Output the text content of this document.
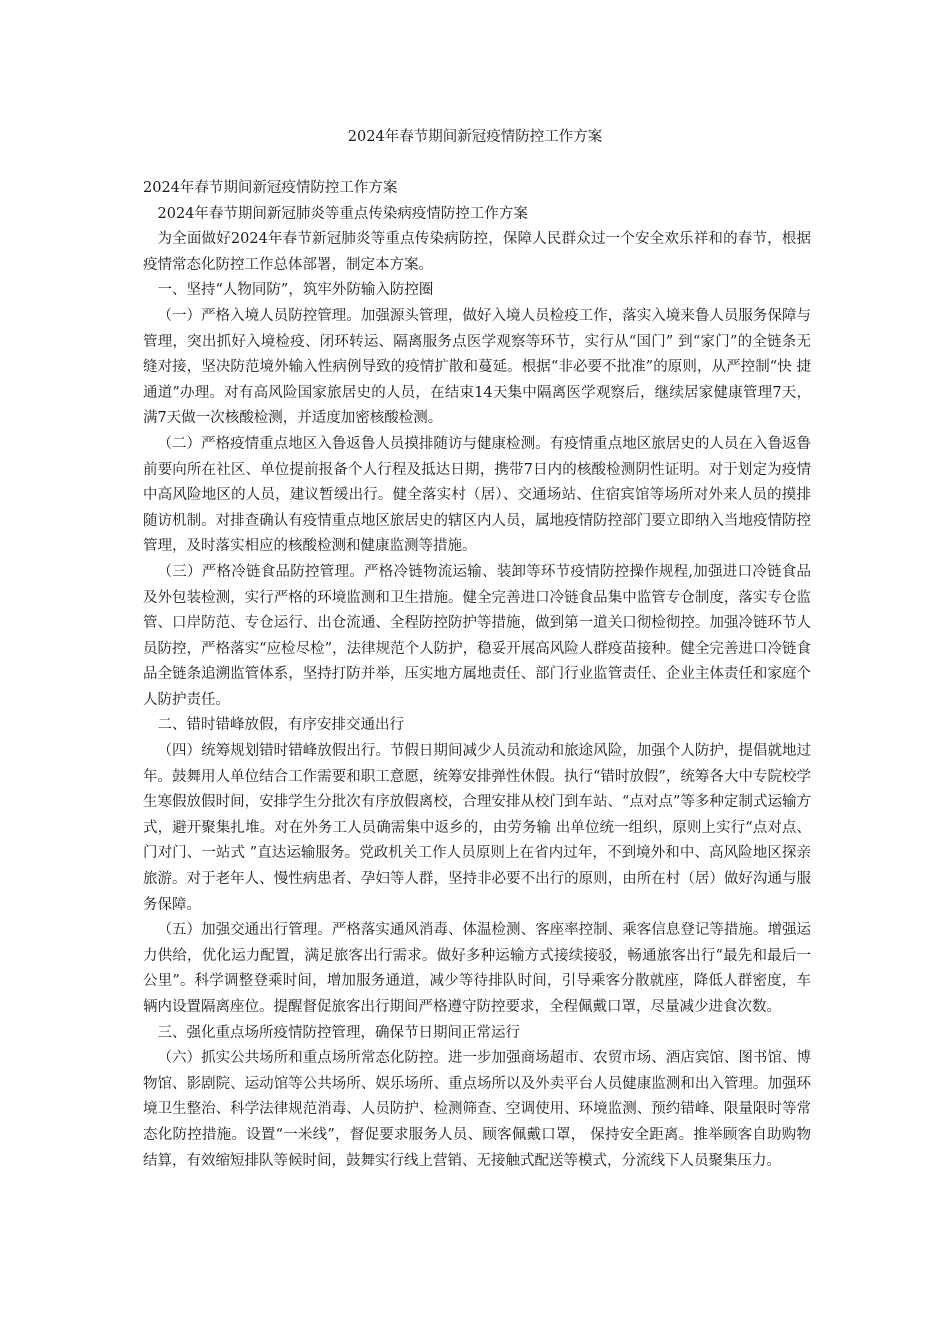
2024年春节期间新冠疫情防控工作方案

2024年春节期间新冠疫情防控工作方案

2024年春节期间新冠肺炎等重点传染病疫情防控工作方案

为全面做好2024年春节新冠肺炎等重点传染病防控，保障人民群众过一个安全欢乐祥和的春节，根据疫情常态化防控工作总体部署，制定本方案。

一、坚持“人物同防”，筑牢外防输入防控圈

（一）严格入境人员防控管理。加强源头管理，做好入境人员检疫工作，落实入境来鲁人员服务保障与管理，突出抓好入境检疫、闭环转运、隔离服务点医学观察等环节，实行从“国门” 到“家门”的全链条无缝对接，坚决防范境外输入性病例导致的疫情扩散和蔓延。根据“非必要不批准”的原则，从严控制“快 捷通道”办理。对有高风险国家旅居史的人员，在结束14天集中隔离医学观察后，继续居家健康管理7天，满7天做一次核酸检测，并适度加密核酸检测。

（二）严格疫情重点地区入鲁返鲁人员摸排随访与健康检测。有疫情重点地区旅居史的人员在入鲁返鲁前要向所在社区、单位提前报备个人行程及抵达日期，携带7日内的核酸检测阴性证明。对于划定为疫情中高风险地区的人员，建议暂缓出行。健全落实村（居）、交通场站、住宿宾馆等场所对外来人员的摸排随访机制。对排查确认有疫情重点地区旅居史的辖区内人员，属地疫情防控部门要立即纳入当地疫情防控管理，及时落实相应的核酸检测和健康监测等措施。

（三）严格冷链食品防控管理。严格冷链物流运输、装卸等环节疫情防控操作规程,加强进口冷链食品及外包装检测，实行严格的环境监测和卫生措施。健全完善进口冷链食品集中监管专仓制度，落实专仓监管、口岸防范、专仓运行、出仓流通、全程防控防护等措施，做到第一道关口彻检彻控。加强冷链环节人员防控，严格落实“应检尽检”，法律规范个人防护，稳妥开展高风险人群疫苗接种。健全完善进口冷链食品全链条追溯监管体系，坚持打防并举，压实地方属地责任、部门行业监管责任、企业主体责任和家庭个人防护责任。

二、错时错峰放假，有序安排交通出行

（四）统筹规划错时错峰放假出行。节假日期间减少人员流动和旅途风险，加强个人防护，提倡就地过年。鼓舞用人单位结合工作需要和职工意愿，统筹安排弹性休假。执行“错时放假”，统筹各大中专院校学生寒假放假时间，安排学生分批次有序放假离校，合理安排从校门到车站、“点对点”等多种定制式运输方 式，避开聚集扎堆。对在外务工人员确需集中返乡的，由劳务输 出单位统一组织，原则上实行“点对点、门对门、一站式 ”直达运输服务。党政机关工作人员原则上在省内过年，不到境外和中、高风险地区探亲旅游。对于老年人、慢性病患者、孕妇等人群，坚持非必要不出行的原则，由所在村（居）做好沟通与服务保障。

（五）加强交通出行管理。严格落实通风消毒、体温检测、客座率控制、乘客信息登记等措施。增强运力供给，优化运力配置，满足旅客出行需求。做好多种运输方式接续接驳，畅通旅客出行“最先和最后一公里”。科学调整登乘时间，增加服务通道，减少等待排队时间，引导乘客分散就座，降低人群密度，车辆内设置隔离座位。提醒督促旅客出行期间严格遵守防控要求，全程佩戴口罩，尽量减少进食次数。

三、强化重点场所疫情防控管理，确保节日期间正常运行

（六）抓实公共场所和重点场所常态化防控。进一步加强商场超市、农贸市场、酒店宾馆、图书馆、博物馆、影剧院、运动馆等公共场所、娱乐场所、重点场所以及外卖平台人员健康监测和出入管理。加强环境卫生整治、科学法律规范消毒、人员防护、检测筛查、空调使用、环境监测、预约错峰、限量限时等常态化防控措施。设置“一米线”，督促要求服务人员、顾客佩戴口罩， 保持安全距离。推举顾客自助购物结算，有效缩短排队等候时间，鼓舞实行线上营销、无接触式配送等模式，分流线下人员聚集压力。
